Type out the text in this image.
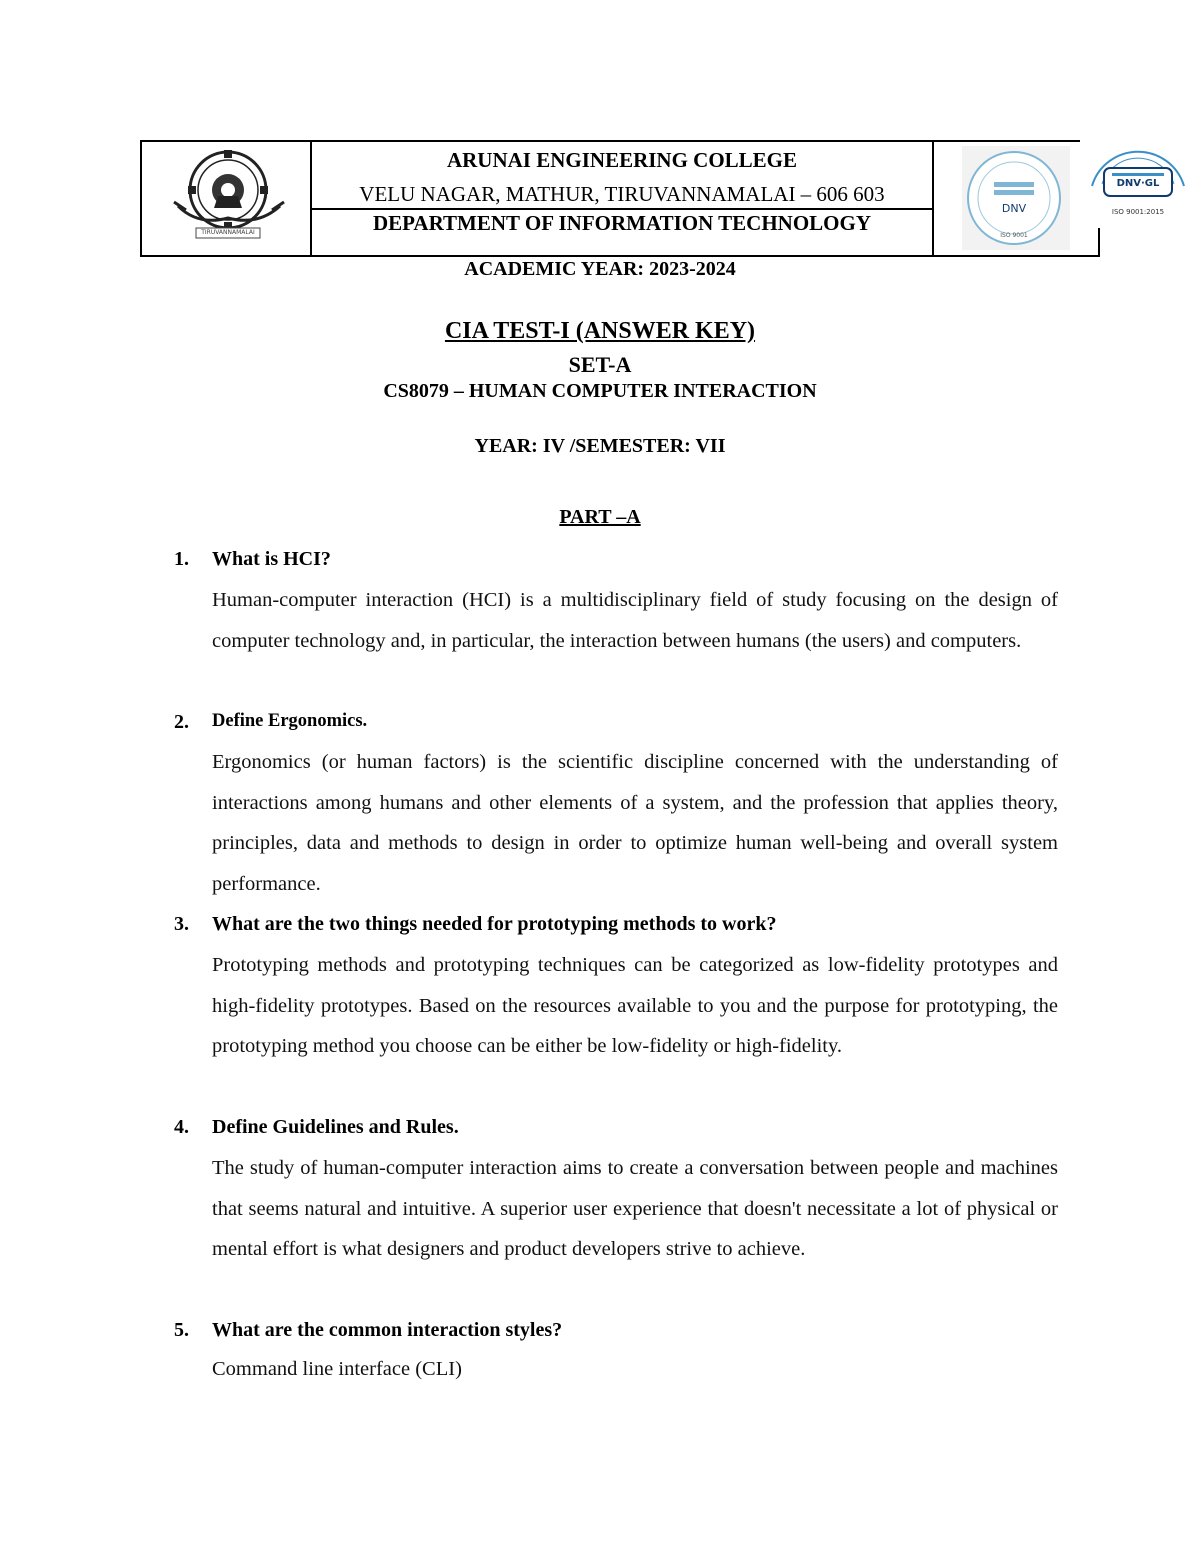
TIRUVANNAMALAI
ARUNAI ENGINEERING COLLEGE
VELU NAGAR, MATHUR, TIRUVANNAMALAI – 606 603
DEPARTMENT OF INFORMATION TECHNOLOGY
DNV
ISO 9001
DNV·GL
ISO 9001:2015
ACADEMIC YEAR: 2023-2024
CIA TEST-I (ANSWER KEY)
SET-A
CS8079 – HUMAN COMPUTER INTERACTION
YEAR: IV /SEMESTER: VII
PART –A
1. What is HCI?
Human-computer interaction (HCI) is a multidisciplinary field of study focusing on the design of computer technology and, in particular, the interaction between humans (the users) and computers.
2. Define Ergonomics.
Ergonomics (or human factors) is the scientific discipline concerned with the understanding of interactions among humans and other elements of a system, and the profession that applies theory, principles, data and methods to design in order to optimize human well-being and overall system performance.
3. What are the two things needed for prototyping methods to work?
Prototyping methods and prototyping techniques can be categorized as low-fidelity prototypes and high-fidelity prototypes. Based on the resources available to you and the purpose for prototyping, the prototyping method you choose can be either be low-fidelity or high-fidelity.
4. Define Guidelines and Rules.
The study of human-computer interaction aims to create a conversation between people and machines that seems natural and intuitive. A superior user experience that doesn't necessitate a lot of physical or mental effort is what designers and product developers strive to achieve.
5. What are the common interaction styles?
Command line interface (CLI)
